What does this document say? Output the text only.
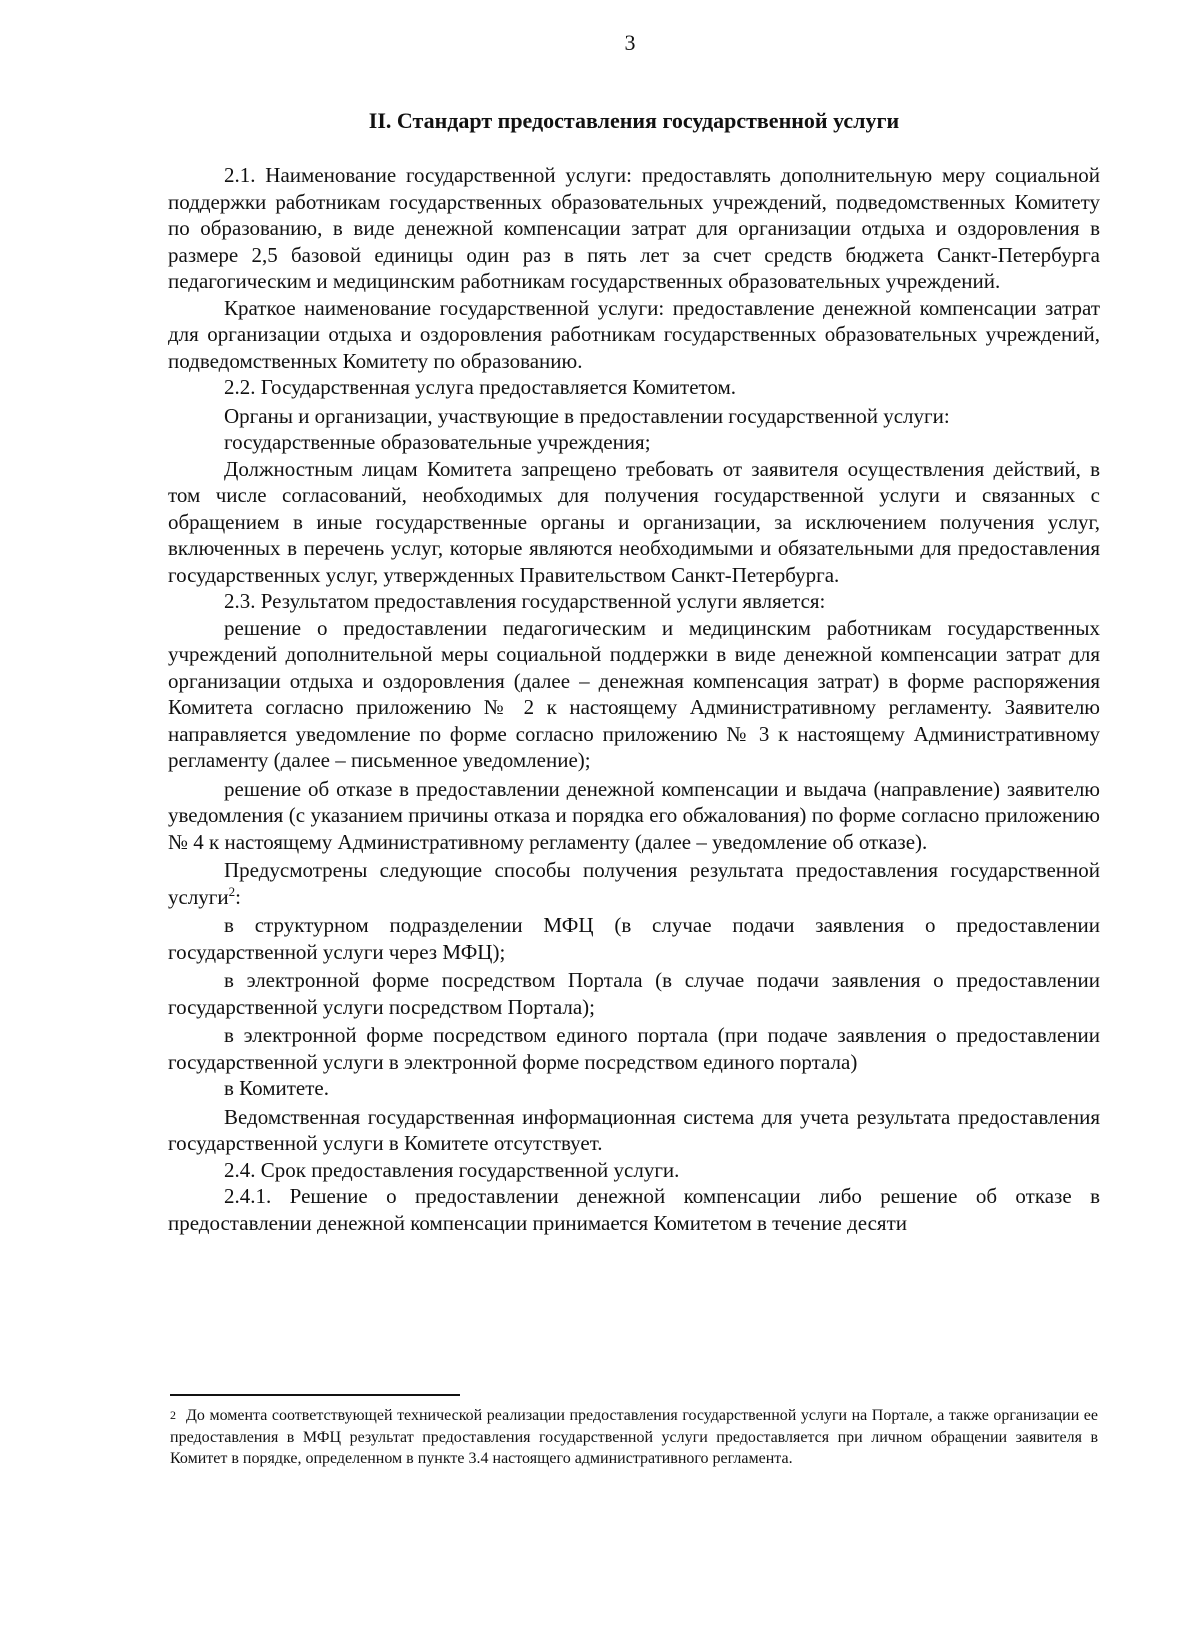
3
II. Стандарт предоставления государственной услуги

2.1. Наименование государственной услуги: предоставлять дополнительную меру социальной поддержки работникам государственных образовательных учреждений, подведомственных Комитету по образованию, в виде денежной компенсации затрат для организации отдыха и оздоровления в размере 2,5 базовой единицы один раз в пять лет за счет средств бюджета Санкт-Петербурга педагогическим и медицинским работникам государственных образовательных учреждений.

Краткое наименование государственной услуги: предоставление денежной компенсации затрат для организации отдыха и оздоровления работникам государственных образовательных учреждений, подведомственных Комитету по образованию.

2.2. Государственная услуга предоставляется Комитетом.

Органы и организации, участвующие в предоставлении государственной услуги:

государственные образовательные учреждения;

Должностным лицам Комитета запрещено требовать от заявителя осуществления действий, в том числе согласований, необходимых для получения государственной услуги и связанных с обращением в иные государственные органы и организации, за исключением получения услуг, включенных в перечень услуг, которые являются необходимыми и обязательными для предоставления государственных услуг, утвержденных Правительством Санкт-Петербурга.

2.3. Результатом предоставления государственной услуги является:

решение о предоставлении педагогическим и медицинским работникам государственных учреждений дополнительной меры социальной поддержки в виде денежной компенсации затрат для организации отдыха и оздоровления (далее – денежная компенсация затрат) в форме распоряжения Комитета согласно приложению № 2 к настоящему Административному регламенту. Заявителю направляется уведомление по форме согласно приложению № 3 к настоящему Административному регламенту (далее – письменное уведомление);

решение об отказе в предоставлении денежной компенсации и выдача (направление) заявителю уведомления (с указанием причины отказа и порядка его обжалования) по форме согласно приложению № 4 к настоящему Административному регламенту (далее – уведомление об отказе).

Предусмотрены следующие способы получения результата предоставления государственной услуги$^2$:

в структурном подразделении МФЦ (в случае подачи заявления о предоставлении государственной услуги через МФЦ);

в электронной форме посредством Портала (в случае подачи заявления о предоставлении государственной услуги посредством Портала);

в электронной форме посредством единого портала (при подаче заявления о предоставлении государственной услуги в электронной форме посредством единого портала)

в Комитете.

Ведомственная государственная информационная система для учета результата предоставления государственной услуги в Комитете отсутствует.

2.4. Срок предоставления государственной услуги.

2.4.1. Решение о предоставлении денежной компенсации либо решение об отказе в предоставлении денежной компенсации принимается Комитетом в течение десяти

$^2$ До момента соответствующей технической реализации предоставления государственной услуги на Портале, а также организации ее предоставления в МФЦ результат предоставления государственной услуги предоставляется при личном обращении заявителя в Комитет в порядке, определенном в пункте 3.4 настоящего административного регламента.
